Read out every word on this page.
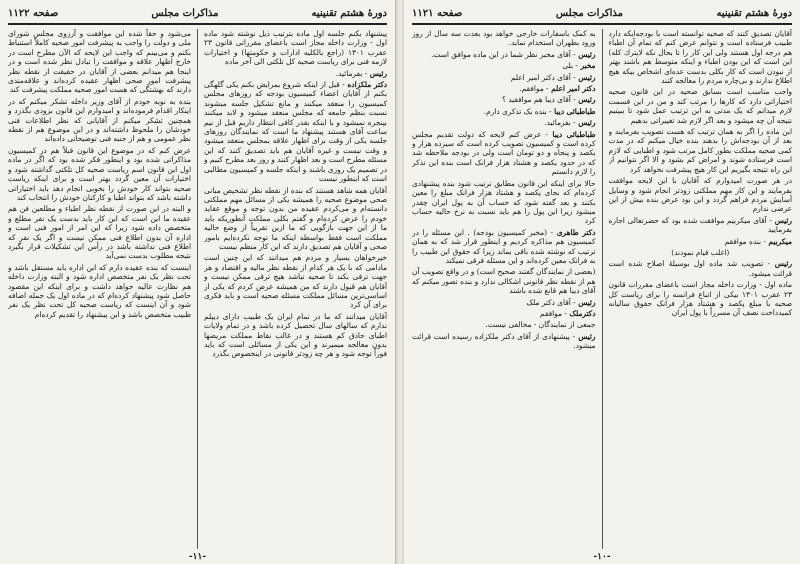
دورهٔ هشتم تقنینیه
مذاکرات مجلس
صفحه ۱۱۲۲
پیشنهاد بکنم جلسه اول ماده بترتیب ذیل نوشته شود ماده اول - وزارت داخله مجاز است باعضای مقرراتی قانون ۲۳ عقرب ۱۳۰۱ (راجع بالکلیه ادارات و حکومتها) و اختیارات لازمه فنی برای ریاست صحیه کل تلکتی الی آخر ماده
رئیس - بفرمائید.
دکتر ملکزاده - قبل از اینکه شروع بمرایض بکنم یکی گلهگی بکنم از آقایان اعضاء کمیسیون بودجه که روزهای مجلس کمیسیون را منعقد میکنند و مانع تشکیل جلسه میشوند نسبت بنظم جامعه که مجلس منعقد میشود و لابد میکنند بپنجره نمیشود و با اینکه بقدر کافی انتظار داریم قبل از نیم ساعت آقای هستند پیشنهاد ما است که نمایندگان روزهای جلسه یکی از وقت برای اظهار علاقه بمجلس منعقد میشود و وقت نیست و غیره آقایان هم باید تصدیق کنند که این مسئله مطرح است و بعد اظهار کنند و روز بعد مطرح کنیم و در تصمیم یک روزی باشند و اینکه جلسه و کمیسیون مطالبی است که اینطور نیست
آقایان همه شاهد هستند که بنده از نقطه نظر تشخیص مبانی صحی موضوع صحیه را همیشه یکی از مسائل مهم مملکتی دانسته‌ام و می‌کردم عقیده من بدون توجه و موقع عقاید خودم را عرض کرده‌ام و گفتم بکلی مملکت آنطوریکه باید ما از این جهت بازگویی که ما ازین تقریباً از وضع حالیه مملکت است فقط بواسطه اینکه ما توجه نکرده‌ایم بامور صحی و آقایان هم تصدیق دارند که این کار منظم نیست
خیرخواهان بسیار و مردم هم میدانند که این چنین است مادامی که با یک هر کدام از نقطه نظر مالیه و اقتصاد و هر جهت ترقی بکند تا صحیه نباشد هیچ ترقی ممکن نیست و آقایان هم قبول دارند که من همیشه عرض کردم که یکی از اساسی‌ترین مسائل مملکت مسئله صحیه است و باید فکری برای آن کرد
آقایان میدانند که ما در تمام ایران یک طبیب دارای دیپلم ندارم که سالهای سال تحصیل کرده باشد و در تمام ولایات اطبای حاذق کم هستند و در غالب نقاط مملکت مریضها بدون معالجه میمیرند و این یکی از مسائلی است که باید فوراً توجه شود و هر چه زودتر قانونی در اینخصوص بگذرد
می‌شود و حقاً شده این موافقت و آرزوی مجلس شورای ملی و دولت را واجب به پیشرفت امور صحیه کاملاً استنباط بکنم و می‌بینم که واجب این لایحه که الآن مطرح است در خارج اظهار علاقه و موافقت را تبادل نظر شده است و در اینجا هم میدانم بعضی از آقایان در حقیقت از نقطه نظر پیشرفت امور صحی اظهار عقیده کرده‌اند و علاقه‌مندی دارند که بهشتگی که هست امور صحیه مملکت پیشرفت کند
بنده به نوبه خودم از آقای وزیر داخله تشکر میکنم که در اینکار اقدام فرموده‌اند و امیدوارم این قانون بزودی بگذرد و همچنین تشکر میکنم از آقایانی که نظر اطلاعات فنی خودشان را ملحوظ داشته‌اند و در این موضوع هم از نقطه نظر عمومی و هم از جنبه فنی توضیحاتی داده‌اند
عرض کنم که در موضوع این قانون قبلاً هم در کمیسیون مذاکراتی شده بود و اینطور فکر شده بود که اگر در ماده اول این قانون اسم ریاست صحیه کل تلکتی گذاشته شود و اختیارات آن معین گردد بهتر است و برای اینکه ریاست صحیه بتواند کار خودش را بخوبی انجام دهد باید اختیاراتی داشته باشد که بتواند اطبا و کارکنان خودش را انتخاب کند
و البته در این صورت از نقطه نظر اطباء و مطلعین فن هم عقیده ما این است که این کار باید بدست یک نفر مطلع و متخصص داده شود زیرا که این امر از امور فنی است و اداره آن بدون اطلاع فنی ممکن نیست و اگر یک نفر که اطلاع فنی نداشته باشد در رأس این تشکیلات قرار بگیرد نتیجه مطلوب بدست نمی‌آید
اینست که بنده عقیده دارم که این اداره باید مستقل باشد و تحت نظر یک نفر متخصص اداره شود و البته وزارت داخله هم نظارت عالیه خواهد داشت و برای اینکه این مقصود حاصل شود پیشنهاد کرده‌ام که در ماده اول یک جمله اضافه شود و آن اینست که ریاست صحیه کل تحت نظر یک نفر طبیب متخصص باشد و این پیشنهاد را تقدیم کرده‌ام
-۱۱-
دورهٔ هشتم تقنینیه
مذاکرات مجلس
صفحه ۱۱۲۱
آقایان تصدیق کنند که صحیه توانسته است با بودجه‌ایکه دارد طبیب فرستاده است و نتوانم عرض کنم که تمام آن اطباء هم درجه اول هستند ولی این کار را تا بحال نکه لاپترك کله) این است که این بودن اطباء و اینکه متوسط هم باشند بهتر از نبودن است که کار بکلی بدست عده‌ای اشخاص بیکه هیچ اطلاع ندارند و بی‌چاره مردم را معالجه کنند
واجب مناسب است بسابق صحیه در این قانون صحیه اختیاراتی دارد که کارها را مرتب کند و من در این قسمت لازم میدانم که یک مدتی به این ترتیب عمل شود تا ببینیم نتیجه آن چه میشود و بعد اگر لازم شد تغییراتی بدهیم
این ماده را اگر به همان ترتیب که هست تصویب بفرمایند و بعد از آن بودجه‌اش را بدهند بنده خیال میکنم که در مدت کمی صحیه مملکت بطور کامل مرتب شود و اطبایی که لازم است فرستاده شوند و امراض کم بشود و الا اگر نتوانیم از این راه نتیجه بگیریم این کار هیچ پیشرفت نخواهد کرد
در هر صورت امیدوارم که آقایان با این لایحه موافقت بفرمایند و این کار مهم مملکتی زودتر انجام شود و وسایل آسایش مردم فراهم گردد و این بود عرض بنده بیش از این عرضی ندارم
رئیس - آقای میکربیم موافقت شده بود که حضرتعالی اجازه بفرمایید
میکربیم - بنده موافقم
(اغلب قیام نمودند)
رئیس - تصویب شد ماده اول بوسیلهٔ اصلاح شده است قرائت میشود.
ماده اول - وزارت داخله مجاز است باعضای مقررات قانون ۲۳ عقرب ۱۳۰۱ بیکی از اتباع فرانسه را برای ریاست کل صحیه با مبلغ پکصد و هشتاد هزار فرانک حقوق سالیانه کمیدداخت نصف آن مسرراً با پول ایران
به کمک باسفارات خارجی خواهد بود بعدت سه سال از روز ورود بطهران استخدام نماید.
رئیس - آقای مخبر نظر شما در این ماده موافق است.
مخبر - بلی
رئیس - آقای دکتر امیر اعلم
دکتر امیر اعلم - موافقم.
رئیس - آقای دیبا هم موافقید ؟
طباطبائی دیبا - بنده یک تذکری دارم.
رئیس - بفرمائید.
طباطبائی دیبا - عرض کنم لایحه که دولت تقدیم مجلس کرده است و کمیسیون تصویب کرده است که سیزده هزار و یکصد و پنجاه و دو تومان است ولی در بودجه ملاحظه شد که در حدود یکصد و هشتاد هزار فرانک است بنده این تذکر را لازم دانستم
حالا برای اینکه این قانون مطابق ترتیب شود بنده پیشنهادی کرده‌ام که بجای پکصد و هشتاد هزار فرانک مبلغ را معین بکنند و بعد گفته شود که حساب آن به پول ایران چقدر میشود زیرا این پول را هم باید نسبت به نرخ حالیه حساب کرد
دکتر طاهری - (مخبر کمیسیون بودجه) . این مسئله را در کمیسیون هم مذاکره کردیم و اینطور قرار شد که به همان ترتیب که نوشته شده باقی بماند زیرا که حقوق این طبیب را به فرانک معین کرده‌اند و این مسئله فرقی نمیکند
(بعضی از نمایندگان گفتند صحیح است) و در واقع تصویب آن هم از نقطه نظر قانونی اشکالی ندارد و بنده تصور میکنم که آقای دیبا هم قانع شده باشند
رئیس - آقای دکتر ملک
دکترملک - موافقم
جمعی از نمایندگان - مخالفی نیست.
رئیس - پیشنهادی از آقای دکتر ملکزاده رسیده است قرائت میشود.
-۱۰-
